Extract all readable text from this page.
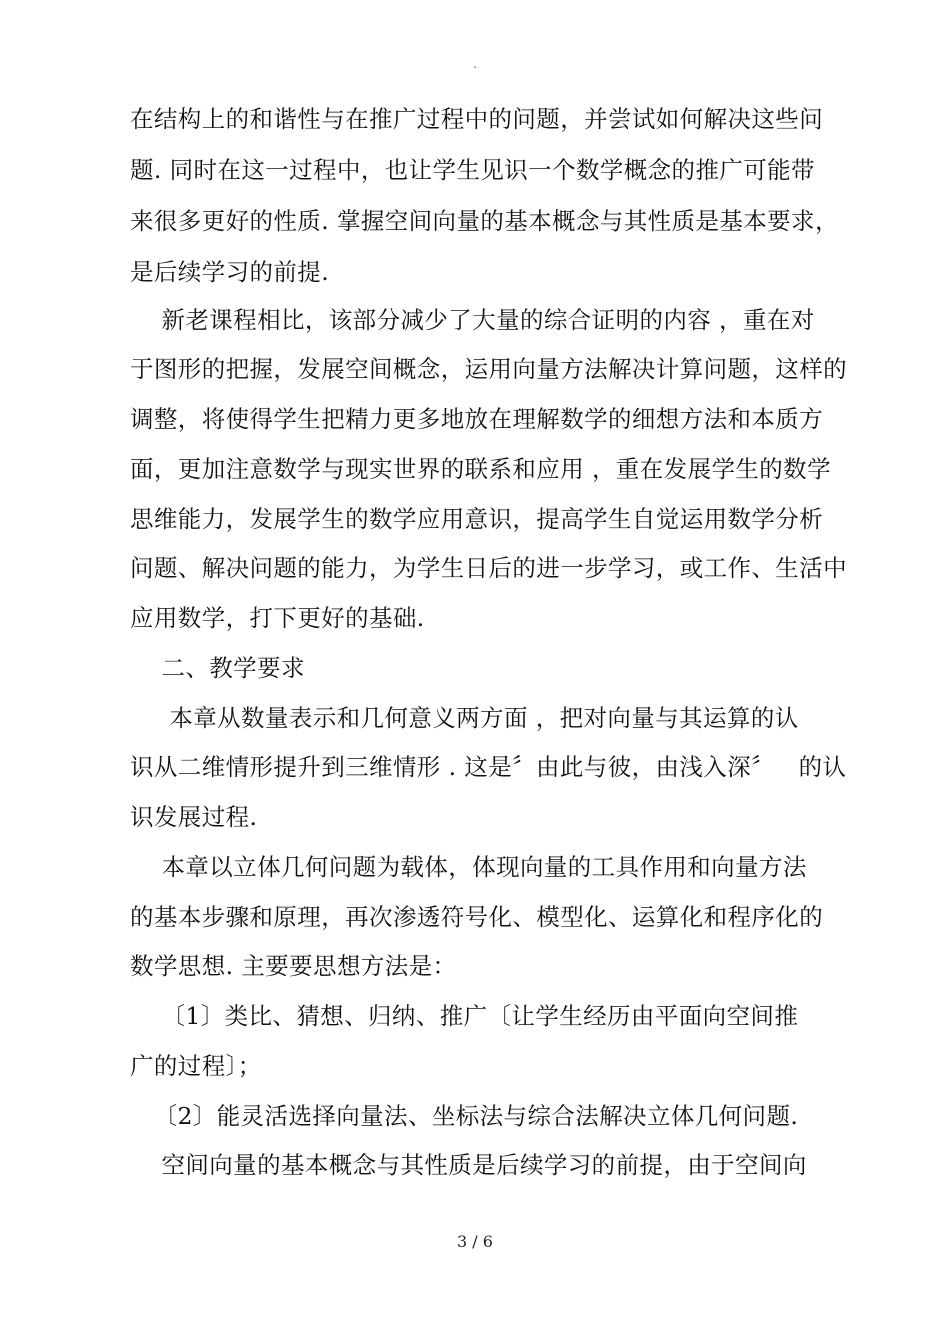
.
在结构上的和谐性与在推广过程中的问题，并尝试如何解决这些问
题. 同时在这一过程中，也让学生见识一个数学概念的推广可能带
来很多更好的性质. 掌握空间向量的基本概念与其性质是基本要求，
是后续学习的前提.
新老课程相比，该部分减少了大量的综合证明的内容 ，重在对
于图形的把握，发展空间概念，运用向量方法解决计算问题，这样的
调整，将使得学生把精力更多地放在理解数学的细想方法和本质方
面，更加注意数学与现实世界的联系和应用 ，重在发展学生的数学
思维能力，发展学生的数学应用意识，提高学生自觉运用数学分析
问题、解决问题的能力，为学生日后的进一步学习，或工作、生活中
应用数学，打下更好的基础.
二、教学要求
本章从数量表示和几何意义两方面 ，把对向量与其运算的认
识从二维情形提升到三维情形 . 这是〞由此与彼，由浅入深〞   的认
识发展过程.
本章以立体几何问题为载体，体现向量的工具作用和向量方法
的基本步骤和原理，再次渗透符号化、模型化、运算化和程序化的
数学思想. 主要要思想方法是：
〔1〕类比、猜想、归纳、推广〔让学生经历由平面向空间推
广的过程〕；
〔2〕能灵活选择向量法、坐标法与综合法解决立体几何问题.
空间向量的基本概念与其性质是后续学习的前提，由于空间向
3 / 6
